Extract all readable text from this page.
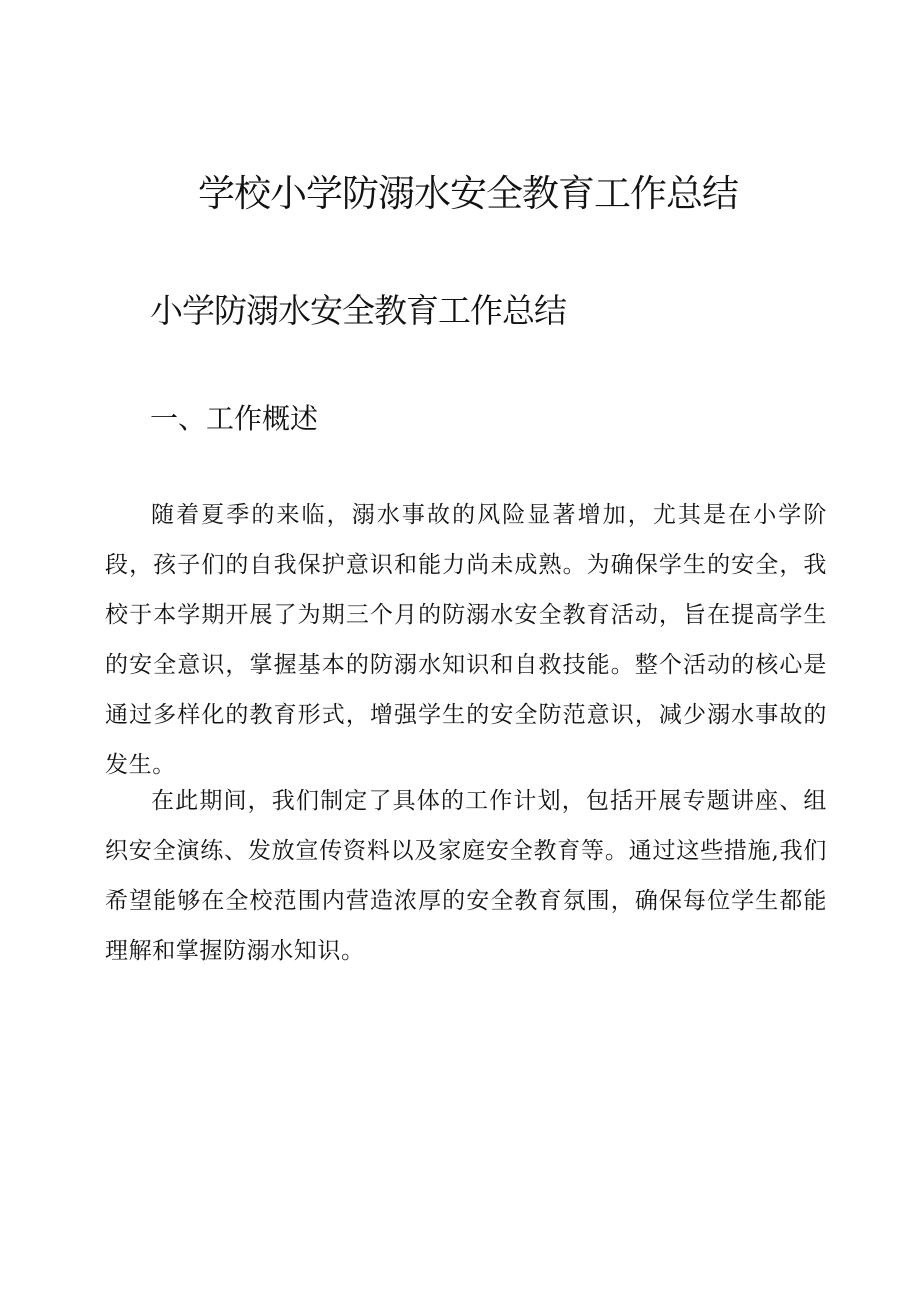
学校小学防溺水安全教育工作总结
小学防溺水安全教育工作总结
一、工作概述

随着夏季的来临，溺水事故的风险显著增加，尤其是在小学阶段，孩子们的自我保护意识和能力尚未成熟。为确保学生的安全，我校于本学期开展了为期三个月的防溺水安全教育活动，旨在提高学生的安全意识，掌握基本的防溺水知识和自救技能。整个活动的核心是通过多样化的教育形式，增强学生的安全防范意识，减少溺水事故的发生。

在此期间，我们制定了具体的工作计划，包括开展专题讲座、组织安全演练、发放宣传资料以及家庭安全教育等。通过这些措施,我们希望能够在全校范围内营造浓厚的安全教育氛围，确保每位学生都能理解和掌握防溺水知识。
